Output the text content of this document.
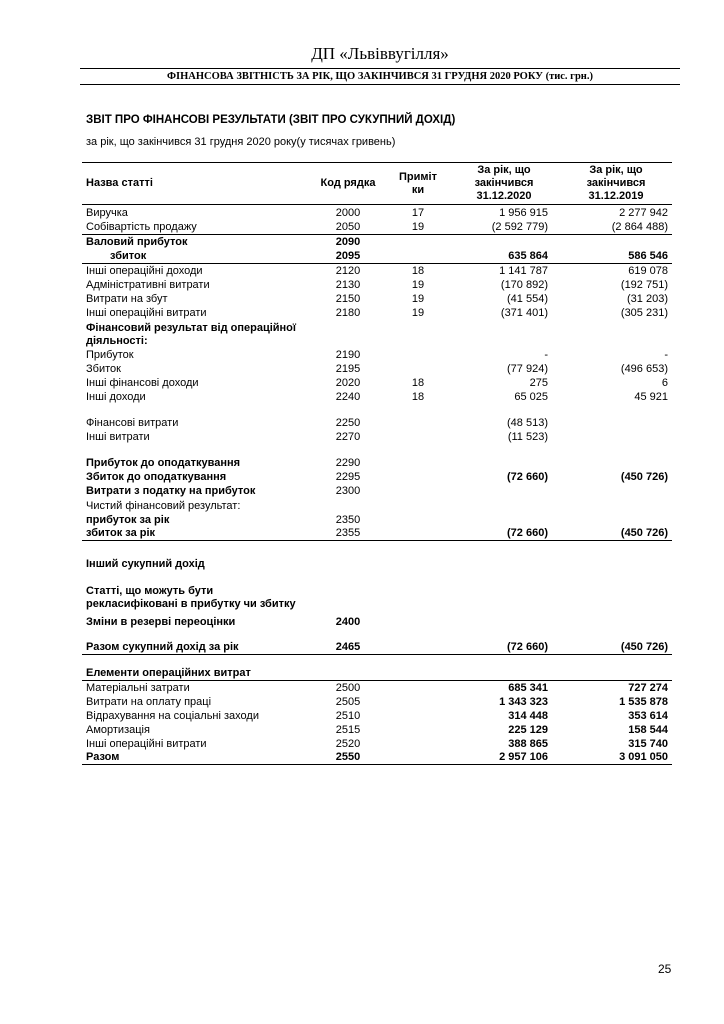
ДП «Львіввугілля»
ФІНАНСОВА ЗВІТНІСТЬ ЗА РІК, ЩО ЗАКІНЧИВСЯ 31 ГРУДНЯ 2020 РОКУ (тис. грн.)
ЗВІТ ПРО ФІНАНСОВІ РЕЗУЛЬТАТИ (ЗВІТ ПРО СУКУПНИЙ ДОХІД)
за рік, що закінчився 31 грудня 2020 року(у тисячах гривень)
Назва статті	Код рядка	Приміт ки	За рік, що закінчився 31.12.2020	За рік, що закінчився 31.12.2019
Виручка	2000	17	1 956 915	2 277 942
Собівартість продажу	2050	19	(2 592 779)	(2 864 488)
Валовий прибуток	2090			
збиток	2095		635 864	586 546
Інші операційні доходи	2120	18	1 141 787	619 078
Адміністративні витрати	2130	19	(170 892)	(192 751)
Витрати на збут	2150	19	(41 554)	(31 203)
Інші операційні витрати	2180	19	(371 401)	(305 231)
Фінансовий результат від операційної діяльності:				
Прибуток	2190		-	-
Збиток	2195		(77 924)	(496 653)
Інші фінансові доходи	2020	18	275	6
Інші доходи	2240	18	65 025	45 921

Фінансові витрати	2250		(48 513)	
Інші витрати	2270		(11 523)	

Прибуток до оподаткування	2290			
Збиток до оподаткування	2295		(72 660)	(450 726)
Витрати з податку на прибуток	2300			
Чистий фінансовий результат:				
прибуток за рік	2350			
збиток за рік	2355		(72 660)	(450 726)

Інший сукупний дохід				
Статті, що можуть бути рекласифіковані в прибутку чи збитку				
Зміни в резерві переоцінки	2400			

Разом сукупний дохід за рік	2465		(72 660)	(450 726)

Елементи операційних витрат				
Матеріальні затрати	2500		685 341	727 274
Витрати на оплату праці	2505		1 343 323	1 535 878
Відрахування на соціальні заходи	2510		314 448	353 614
Амортизація	2515		225 129	158 544
Інші операційні витрати	2520		388 865	315 740
Разом	2550		2 957 106	3 091 050
25
